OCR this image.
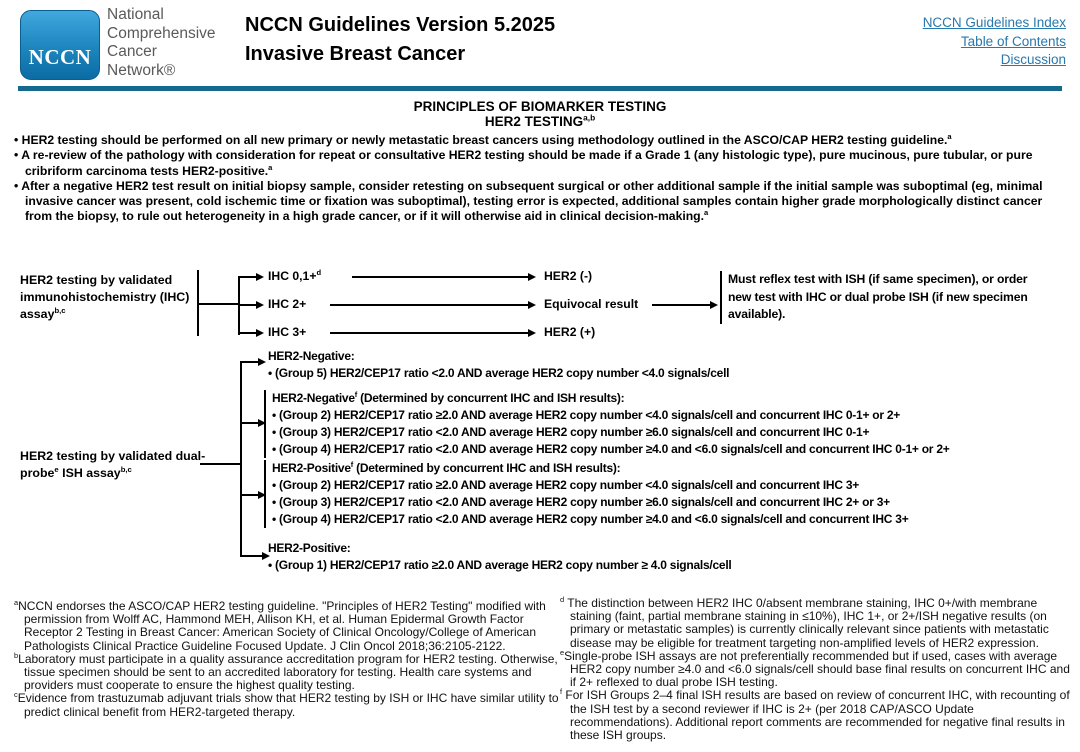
NCCN
National
Comprehensive
Cancer
Network®
NCCN Guidelines Version 5.2025
Invasive Breast Cancer
NCCN Guidelines Index
Table of Contents
Discussion
PRINCIPLES OF BIOMARKER TESTING
HER2 TESTING$^{a,b}$

• HER2 testing should be performed on all new primary or newly metastatic breast cancers using methodology outlined in the ASCO/CAP HER2 testing guideline.$^a$

• A re-review of the pathology with consideration for repeat or consultative HER2 testing should be made if a Grade 1 (any histologic type), pure mucinous, pure tubular, or pure cribriform carcinoma tests HER2-positive.$^a$

• After a negative HER2 test result on initial biopsy sample, consider retesting on subsequent surgical or other additional sample if the initial sample was suboptimal (eg, minimal invasive cancer was present, cold ischemic time or fixation was suboptimal), testing error is expected, additional samples contain higher grade morphologically distinct cancer from the biopsy, to rule out heterogeneity in a high grade cancer, or if it will otherwise aid in clinical decision-making.$^a$

HER2 testing by validated immunohistochemistry (IHC) assay$^{b,c}$
IHC 0,1+$^d$
IHC 2+
IHC 3+
HER2 (-)
Equivocal result
HER2 (+)
Must reflex test with ISH (if same specimen), or order new test with IHC or dual probe ISH (if new specimen available).
HER2 testing by validated dual-probe$^e$ ISH assay$^{b,c}$
HER2-Negative:
• (Group 5) HER2/CEP17 ratio <2.0 AND average HER2 copy number <4.0 signals/cell
HER2-Negative$^f$ (Determined by concurrent IHC and ISH results):
• (Group 2) HER2/CEP17 ratio ≥2.0 AND average HER2 copy number <4.0 signals/cell and concurrent IHC 0-1+ or 2+
• (Group 3) HER2/CEP17 ratio <2.0 AND average HER2 copy number ≥6.0 signals/cell and concurrent IHC 0-1+
• (Group 4) HER2/CEP17 ratio <2.0 AND average HER2 copy number ≥4.0 and <6.0 signals/cell and concurrent IHC 0-1+ or 2+
HER2-Positive$^f$ (Determined by concurrent IHC and ISH results):
• (Group 2) HER2/CEP17 ratio ≥2.0 AND average HER2 copy number <4.0 signals/cell and concurrent IHC 3+
• (Group 3) HER2/CEP17 ratio <2.0 AND average HER2 copy number ≥6.0 signals/cell and concurrent IHC 2+ or 3+
• (Group 4) HER2/CEP17 ratio <2.0 AND average HER2 copy number ≥4.0 and <6.0 signals/cell and concurrent IHC 3+
HER2-Positive:
• (Group 1) HER2/CEP17 ratio ≥2.0 AND average HER2 copy number ≥ 4.0 signals/cell

$^a$NCCN endorses the ASCO/CAP HER2 testing guideline. "Principles of HER2 Testing" modified with permission from Wolff AC, Hammond MEH, Allison KH, et al. Human Epidermal Growth Factor Receptor 2 Testing in Breast Cancer: American Society of Clinical Oncology/College of American Pathologists Clinical Practice Guideline Focused Update. J Clin Oncol 2018;36:2105-2122.

$^b$Laboratory must participate in a quality assurance accreditation program for HER2 testing. Otherwise, tissue specimen should be sent to an accredited laboratory for testing. Health care systems and providers must cooperate to ensure the highest quality testing.

$^c$Evidence from trastuzumab adjuvant trials show that HER2 testing by ISH or IHC have similar utility to predict clinical benefit from HER2-targeted therapy.

$^d$ The distinction between HER2 IHC 0/absent membrane staining, IHC 0+/with membrane staining (faint, partial membrane staining in ≤10%), IHC 1+, or 2+/ISH negative results (on primary or metastatic samples) is currently clinically relevant since patients with metastatic disease may be eligible for treatment targeting non-amplified levels of HER2 expression.

$^e$Single-probe ISH assays are not preferentially recommended but if used, cases with average HER2 copy number ≥4.0 and <6.0 signals/cell should base final results on concurrent IHC and if 2+ reflexed to dual probe ISH testing.

$^f$ For ISH Groups 2–4 final ISH results are based on review of concurrent IHC, with recounting of the ISH test by a second reviewer if IHC is 2+ (per 2018 CAP/ASCO Update recommendations). Additional report comments are recommended for negative final results in these ISH groups.
